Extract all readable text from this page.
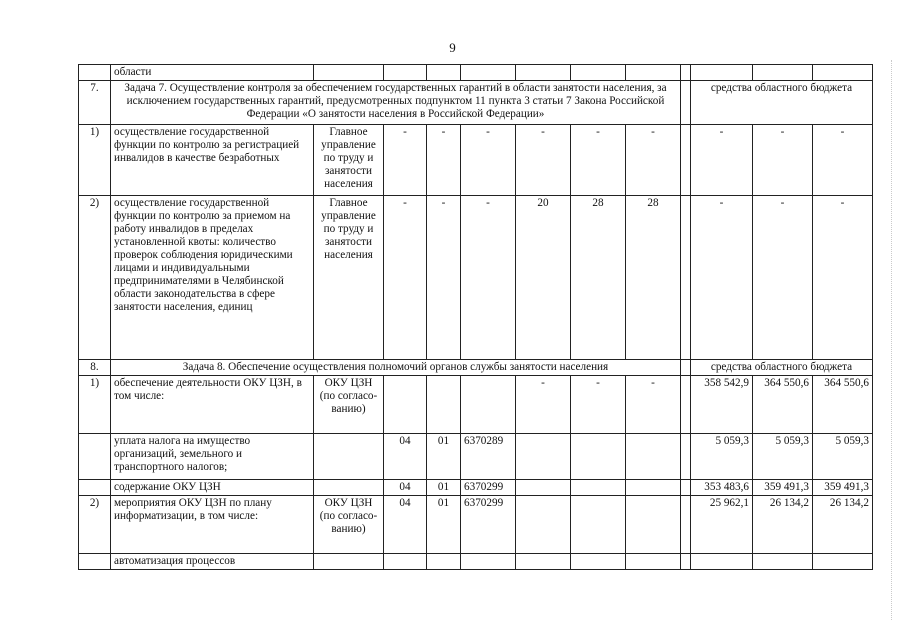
9
	области											
7.	Задача 7. Осуществление контроля за обеспечением государственных гарантий в области занятости населения, за исключением государственных гарантий, предусмотренных подпунктом 11 пункта 3 статьи 7 Закона Российской Федерации «О занятости населения в Российской Федерации»									средства областного бюджета		
1)	осуществление государственной функции по контролю за регистрацией инвалидов в качестве безработных	Главное управление по труду и занятости населения	-	-	-	-	-	-		-	-	-
2)	осуществление государственной функции по контролю за приемом на работу инвалидов в пределах установленной квоты: количество проверок соблюдения юридическими лицами и индивидуальными предпринимателями в Челябинской области законодательства в сфере занятости населения, единиц	Главное управление по труду и занятости населения	-	-	-	20	28	28		-	-	-
8.	Задача 8. Обеспечение осуществления полномочий органов службы занятости населения									средства областного бюджета		
1)	обеспечение деятельности ОКУ ЦЗН, в том числе:	ОКУ ЦЗН (по согласо-ванию)				-	-	-		358 542,9	364 550,6	364 550,6
	уплата налога на имущество организаций, земельного и транспортного налогов;		04	01	6370289					5 059,3	5 059,3	5 059,3
	содержание ОКУ ЦЗН		04	01	6370299					353 483,6	359 491,3	359 491,3
2)	мероприятия ОКУ ЦЗН по плану информатизации, в том числе:	ОКУ ЦЗН (по согласо-ванию)	04	01	6370299					25 962,1	26 134,2	26 134,2
	автоматизация процессов											
